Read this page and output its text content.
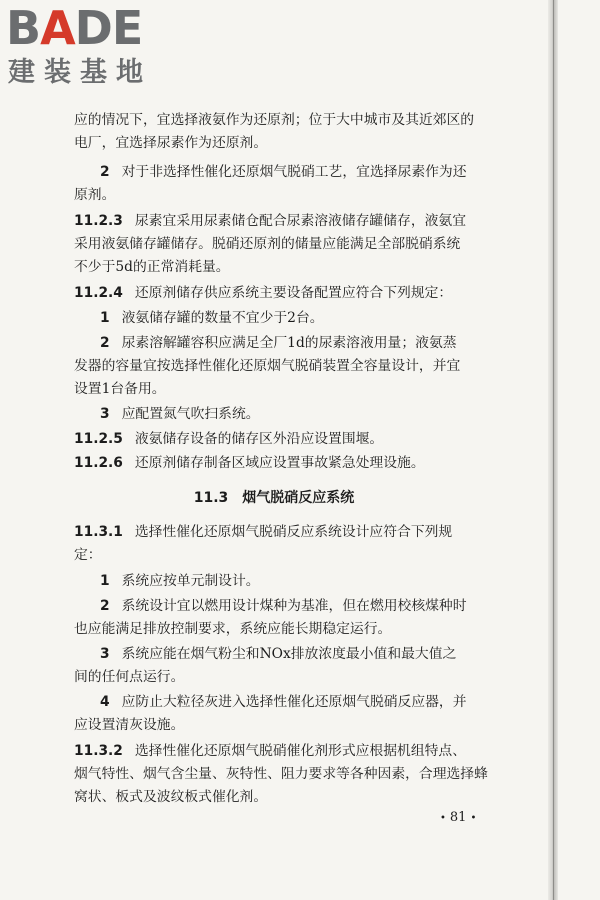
BADE
建装基地
应的情况下，宜选择液氨作为还原剂；位于大中城市及其近郊区的
电厂，宜选择尿素作为还原剂。
2 对于非选择性催化还原烟气脱硝工艺，宜选择尿素作为还
原剂。
11.2.3 尿素宜采用尿素储仓配合尿素溶液储存罐储存，液氨宜
采用液氨储存罐储存。脱硝还原剂的储量应能满足全部脱硝系统
不少于5d的正常消耗量。
11.2.4 还原剂储存供应系统主要设备配置应符合下列规定：
1 液氨储存罐的数量不宜少于2台。
2 尿素溶解罐容积应满足全厂1d的尿素溶液用量；液氨蒸
发器的容量宜按选择性催化还原烟气脱硝装置全容量设计，并宜
设置1台备用。
3 应配置氮气吹扫系统。
11.2.5 液氨储存设备的储存区外沿应设置围堰。
11.2.6 还原剂储存制备区域应设置事故紧急处理设施。
11.3　烟气脱硝反应系统
11.3.1 选择性催化还原烟气脱硝反应系统设计应符合下列规
定：
1 系统应按单元制设计。
2 系统设计宜以燃用设计煤种为基准，但在燃用校核煤种时
也应能满足排放控制要求，系统应能长期稳定运行。
3 系统应能在烟气粉尘和NOx排放浓度最小值和最大值之
间的任何点运行。
4 应防止大粒径灰进入选择性催化还原烟气脱硝反应器，并
应设置清灰设施。
11.3.2 选择性催化还原烟气脱硝催化剂形式应根据机组特点、
烟气特性、烟气含尘量、灰特性、阻力要求等各种因素，合理选择蜂
窝状、板式及波纹板式催化剂。
• 81 •
